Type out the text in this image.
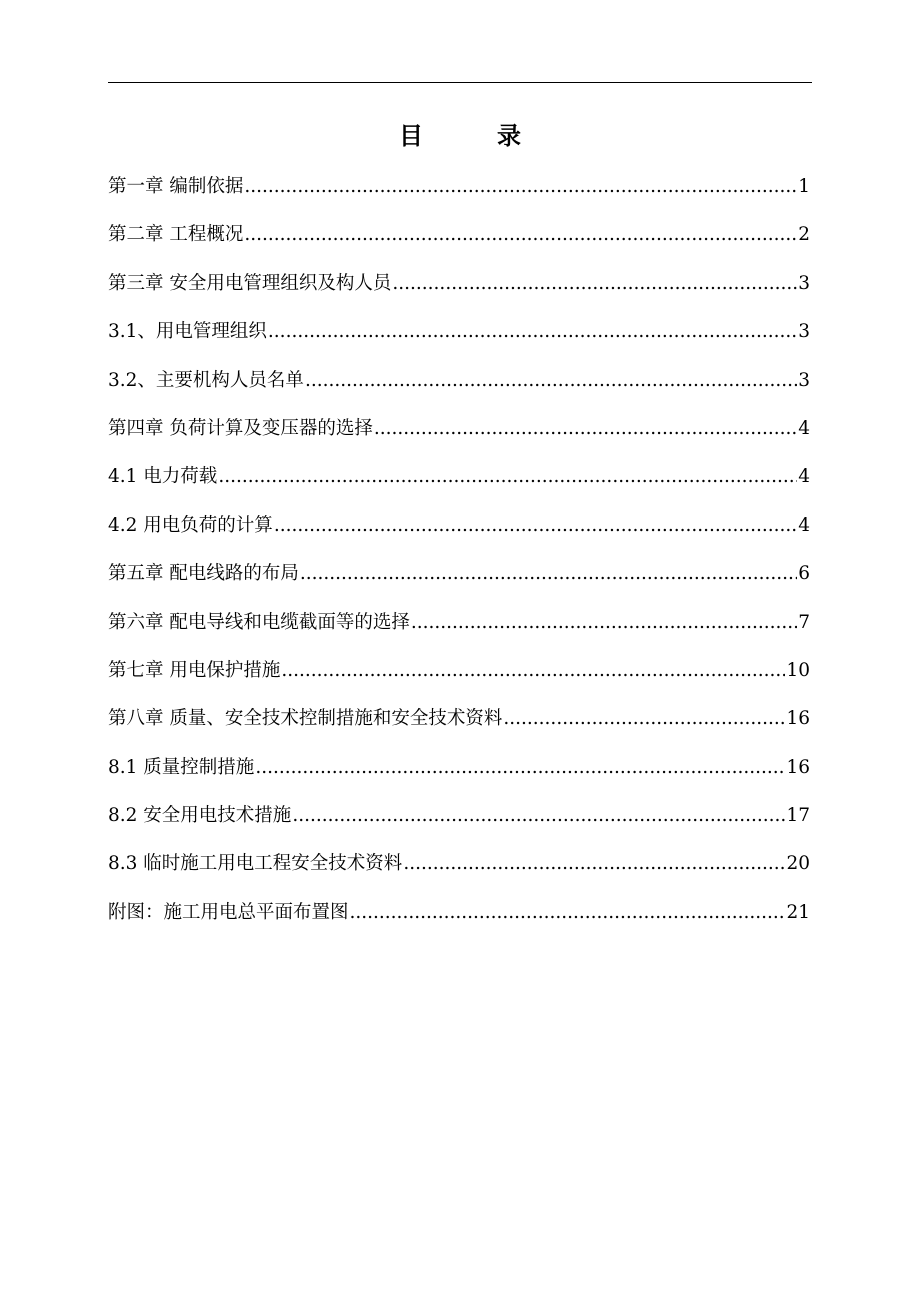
目	录
第一章 编制依据 .....	1
第二章 工程概况 .....	2
第三章 安全用电管理组织及构人员 .....	3
3.1、用电管理组织 .....	3
3.2、主要机构人员名单 .....	3
第四章 负荷计算及变压器的选择 .....	4
4.1 电力荷载 .....	4
4.2 用电负荷的计算 .....	4
第五章 配电线路的布局 .....	6
第六章 配电导线和电缆截面等的选择 .....	7
第七章 用电保护措施 .....	10
第八章 质量、安全技术控制措施和安全技术资料 .....	16
8.1 质量控制措施 .....	16
8.2 安全用电技术措施 .....	17
8.3 临时施工用电工程安全技术资料 .....	20
附图：施工用电总平面布置图 .....	21
